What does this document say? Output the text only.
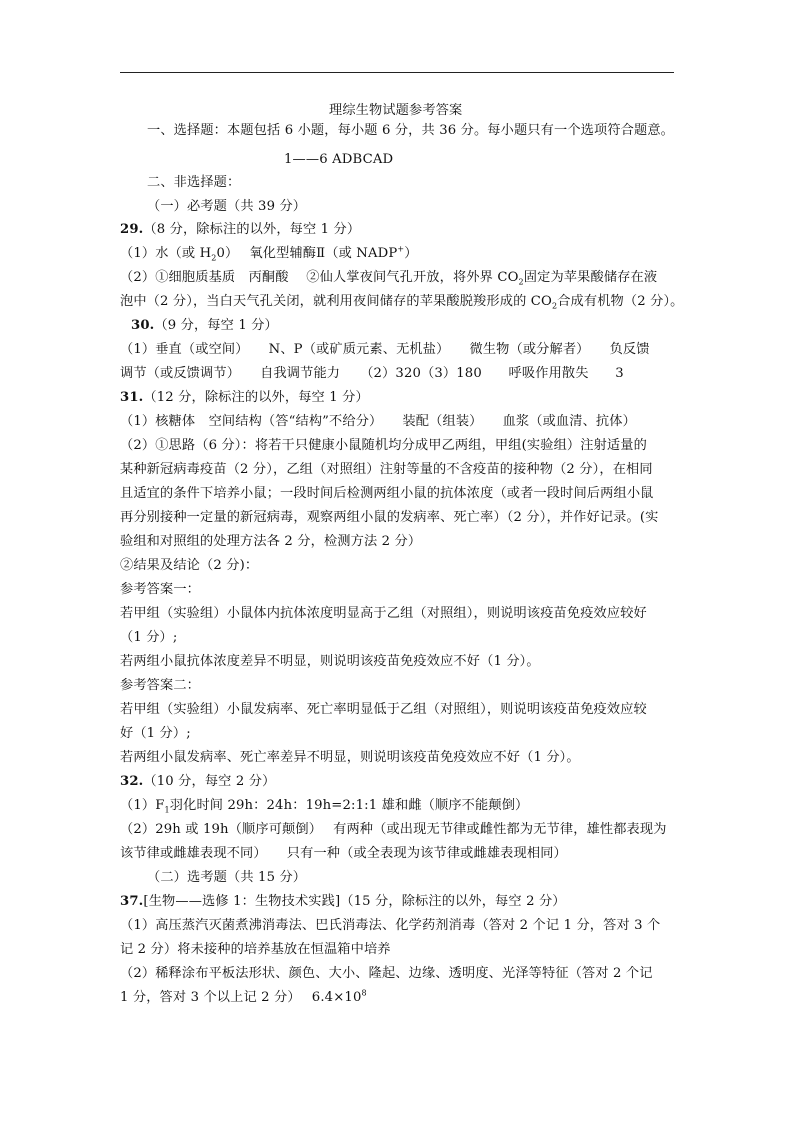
理综生物试题参考答案
一、选择题：本题包括 6 小题，每小题 6 分，共 36 分。每小题只有一个选项符合题意。
1——6 ADBCAD
二、非选择题：
（一）必考题（共 39 分）
29.（8 分，除标注的以外，每空 1 分）
（1）水（或 $H_20$）　 氧化型辅酶Ⅱ（或 NADP+）
（2）①细胞质基质　丙酮酸　 ②仙人掌夜间气孔开放，将外界 $CO_2$固定为苹果酸储存在液
泡中（2 分），当白天气孔关闭，就利用夜间储存的苹果酸脱羧形成的 $CO_2$合成有机物（2 分）。
30.（9 分，每空 1 分）
（1）垂直（或空间）　　N、P（或矿质元素、无机盐）　　微生物（或分解者）　　负反馈
调节（或反馈调节）　　自我调节能力　　（2）320（3）180　　呼吸作用散失　　3
31.（12 分，除标注的以外，每空 1 分）
（1）核糖体　空间结构（答“结构”不给分）　　装配（组装）　　血浆（或血清、抗体）
（2）①思路（6 分）：将若干只健康小鼠随机均分成甲乙两组，甲组(实验组）注射适量的
某种新冠病毒疫苗（2 分），乙组（对照组）注射等量的不含疫苗的接种物（2 分），在相同
且适宜的条件下培养小鼠；一段时间后检测两组小鼠的抗体浓度（或者一段时间后两组小鼠
再分别接种一定量的新冠病毒，观察两组小鼠的发病率、死亡率）（2 分），并作好记录。(实
验组和对照组的处理方法各 2 分，检测方法 2 分）
②结果及结论（2 分)：
参考答案一：
若甲组（实验组）小鼠体内抗体浓度明显高于乙组（对照组），则说明该疫苗免疫效应较好
（1 分）;
若两组小鼠抗体浓度差异不明显，则说明该疫苗免疫效应不好（1 分）。
参考答案二：
若甲组（实验组）小鼠发病率、死亡率明显低于乙组（对照组），则说明该疫苗免疫效应较
好（1 分）;
若两组小鼠发病率、死亡率差异不明显，则说明该疫苗免疫效应不好（1 分）。
32.（10 分，每空 2 分）
$(1)F_1$羽化时间 29h：24h：19h=2:1:1 雄和雌（顺序不能颠倒）
（2）29h 或 19h（顺序可颠倒）　 有两种（或出现无节律或雌性都为无节律，雄性都表现为
该节律或雌雄表现不同）　　只有一种（或全表现为该节律或雌雄表现相同）
（二）选考题（共 15 分）
37.[生物——选修 1：生物技术实践]（15 分，除标注的以外，每空 2 分）
（1）高压蒸汽灭菌煮沸消毒法、巴氏消毒法、化学药剂消毒（答对 2 个记 1 分，答对 3 个
记 2 分）将未接种的培养基放在恒温箱中培养
（2）稀释涂布平板法形状、颜色、大小、隆起、边缘、透明度、光泽等特征（答对 2 个记
1 分，答对 3 个以上记 2 分）　 $6.4\times 10^8$
